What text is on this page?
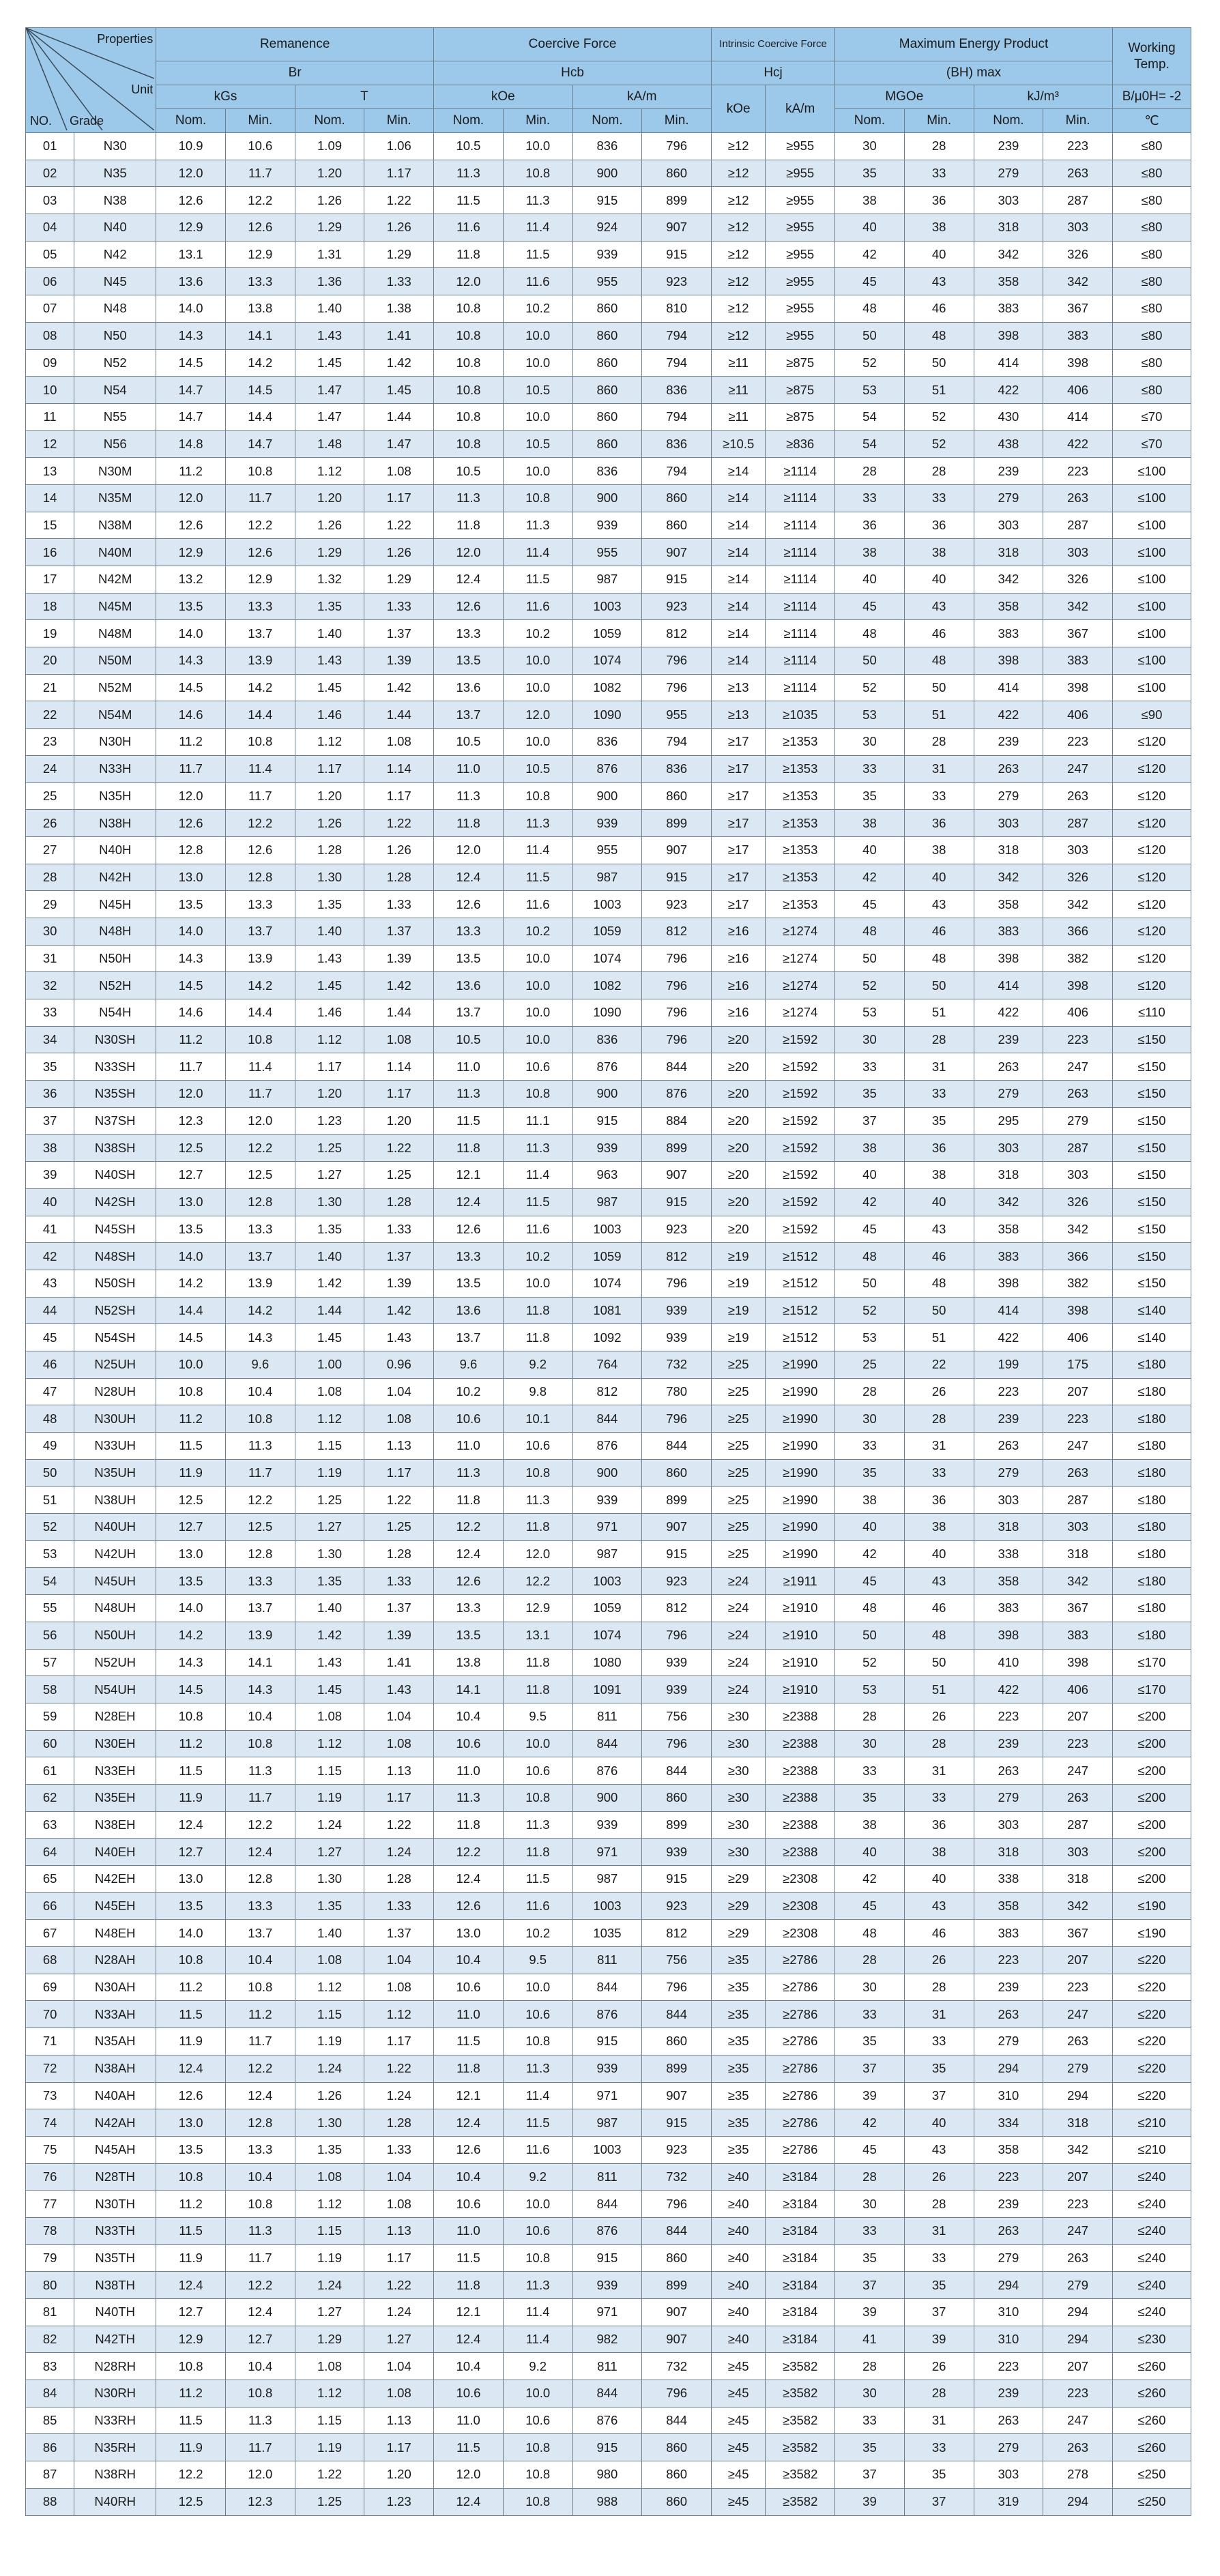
Properties
Unit
Grade
NO.		Remanence				Coercive Force				Intrinsic Coercive Force		Maximum Energy Product				Working Temp.
		Br				Hcb				Hcj		(BH) max				
		kGs		T		kOe		kA/m		kOe	kA/m	MGOe		kJ/m³		B/μ0H= -2
		Nom.	Min.	Nom.	Min.	Nom.	Min.	Nom.	Min.			Nom.	Min.	Nom.	Min.	℃
01	N30	10.9	10.6	1.09	1.06	10.5	10.0	836	796	≥12	≥955	30	28	239	223	≤80
02	N35	12.0	11.7	1.20	1.17	11.3	10.8	900	860	≥12	≥955	35	33	279	263	≤80
03	N38	12.6	12.2	1.26	1.22	11.5	11.3	915	899	≥12	≥955	38	36	303	287	≤80
04	N40	12.9	12.6	1.29	1.26	11.6	11.4	924	907	≥12	≥955	40	38	318	303	≤80
05	N42	13.1	12.9	1.31	1.29	11.8	11.5	939	915	≥12	≥955	42	40	342	326	≤80
06	N45	13.6	13.3	1.36	1.33	12.0	11.6	955	923	≥12	≥955	45	43	358	342	≤80
07	N48	14.0	13.8	1.40	1.38	10.8	10.2	860	810	≥12	≥955	48	46	383	367	≤80
08	N50	14.3	14.1	1.43	1.41	10.8	10.0	860	794	≥12	≥955	50	48	398	383	≤80
09	N52	14.5	14.2	1.45	1.42	10.8	10.0	860	794	≥11	≥875	52	50	414	398	≤80
10	N54	14.7	14.5	1.47	1.45	10.8	10.5	860	836	≥11	≥875	53	51	422	406	≤80
11	N55	14.7	14.4	1.47	1.44	10.8	10.0	860	794	≥11	≥875	54	52	430	414	≤70
12	N56	14.8	14.7	1.48	1.47	10.8	10.5	860	836	≥10.5	≥836	54	52	438	422	≤70
13	N30M	11.2	10.8	1.12	1.08	10.5	10.0	836	794	≥14	≥1114	28	28	239	223	≤100
14	N35M	12.0	11.7	1.20	1.17	11.3	10.8	900	860	≥14	≥1114	33	33	279	263	≤100
15	N38M	12.6	12.2	1.26	1.22	11.8	11.3	939	860	≥14	≥1114	36	36	303	287	≤100
16	N40M	12.9	12.6	1.29	1.26	12.0	11.4	955	907	≥14	≥1114	38	38	318	303	≤100
17	N42M	13.2	12.9	1.32	1.29	12.4	11.5	987	915	≥14	≥1114	40	40	342	326	≤100
18	N45M	13.5	13.3	1.35	1.33	12.6	11.6	1003	923	≥14	≥1114	45	43	358	342	≤100
19	N48M	14.0	13.7	1.40	1.37	13.3	10.2	1059	812	≥14	≥1114	48	46	383	367	≤100
20	N50M	14.3	13.9	1.43	1.39	13.5	10.0	1074	796	≥14	≥1114	50	48	398	383	≤100
21	N52M	14.5	14.2	1.45	1.42	13.6	10.0	1082	796	≥13	≥1114	52	50	414	398	≤100
22	N54M	14.6	14.4	1.46	1.44	13.7	12.0	1090	955	≥13	≥1035	53	51	422	406	≤90
23	N30H	11.2	10.8	1.12	1.08	10.5	10.0	836	794	≥17	≥1353	30	28	239	223	≤120
24	N33H	11.7	11.4	1.17	1.14	11.0	10.5	876	836	≥17	≥1353	33	31	263	247	≤120
25	N35H	12.0	11.7	1.20	1.17	11.3	10.8	900	860	≥17	≥1353	35	33	279	263	≤120
26	N38H	12.6	12.2	1.26	1.22	11.8	11.3	939	899	≥17	≥1353	38	36	303	287	≤120
27	N40H	12.8	12.6	1.28	1.26	12.0	11.4	955	907	≥17	≥1353	40	38	318	303	≤120
28	N42H	13.0	12.8	1.30	1.28	12.4	11.5	987	915	≥17	≥1353	42	40	342	326	≤120
29	N45H	13.5	13.3	1.35	1.33	12.6	11.6	1003	923	≥17	≥1353	45	43	358	342	≤120
30	N48H	14.0	13.7	1.40	1.37	13.3	10.2	1059	812	≥16	≥1274	48	46	383	366	≤120
31	N50H	14.3	13.9	1.43	1.39	13.5	10.0	1074	796	≥16	≥1274	50	48	398	382	≤120
32	N52H	14.5	14.2	1.45	1.42	13.6	10.0	1082	796	≥16	≥1274	52	50	414	398	≤120
33	N54H	14.6	14.4	1.46	1.44	13.7	10.0	1090	796	≥16	≥1274	53	51	422	406	≤110
34	N30SH	11.2	10.8	1.12	1.08	10.5	10.0	836	796	≥20	≥1592	30	28	239	223	≤150
35	N33SH	11.7	11.4	1.17	1.14	11.0	10.6	876	844	≥20	≥1592	33	31	263	247	≤150
36	N35SH	12.0	11.7	1.20	1.17	11.3	10.8	900	876	≥20	≥1592	35	33	279	263	≤150
37	N37SH	12.3	12.0	1.23	1.20	11.5	11.1	915	884	≥20	≥1592	37	35	295	279	≤150
38	N38SH	12.5	12.2	1.25	1.22	11.8	11.3	939	899	≥20	≥1592	38	36	303	287	≤150
39	N40SH	12.7	12.5	1.27	1.25	12.1	11.4	963	907	≥20	≥1592	40	38	318	303	≤150
40	N42SH	13.0	12.8	1.30	1.28	12.4	11.5	987	915	≥20	≥1592	42	40	342	326	≤150
41	N45SH	13.5	13.3	1.35	1.33	12.6	11.6	1003	923	≥20	≥1592	45	43	358	342	≤150
42	N48SH	14.0	13.7	1.40	1.37	13.3	10.2	1059	812	≥19	≥1512	48	46	383	366	≤150
43	N50SH	14.2	13.9	1.42	1.39	13.5	10.0	1074	796	≥19	≥1512	50	48	398	382	≤150
44	N52SH	14.4	14.2	1.44	1.42	13.6	11.8	1081	939	≥19	≥1512	52	50	414	398	≤140
45	N54SH	14.5	14.3	1.45	1.43	13.7	11.8	1092	939	≥19	≥1512	53	51	422	406	≤140
46	N25UH	10.0	9.6	1.00	0.96	9.6	9.2	764	732	≥25	≥1990	25	22	199	175	≤180
47	N28UH	10.8	10.4	1.08	1.04	10.2	9.8	812	780	≥25	≥1990	28	26	223	207	≤180
48	N30UH	11.2	10.8	1.12	1.08	10.6	10.1	844	796	≥25	≥1990	30	28	239	223	≤180
49	N33UH	11.5	11.3	1.15	1.13	11.0	10.6	876	844	≥25	≥1990	33	31	263	247	≤180
50	N35UH	11.9	11.7	1.19	1.17	11.3	10.8	900	860	≥25	≥1990	35	33	279	263	≤180
51	N38UH	12.5	12.2	1.25	1.22	11.8	11.3	939	899	≥25	≥1990	38	36	303	287	≤180
52	N40UH	12.7	12.5	1.27	1.25	12.2	11.8	971	907	≥25	≥1990	40	38	318	303	≤180
53	N42UH	13.0	12.8	1.30	1.28	12.4	12.0	987	915	≥25	≥1990	42	40	338	318	≤180
54	N45UH	13.5	13.3	1.35	1.33	12.6	12.2	1003	923	≥24	≥1911	45	43	358	342	≤180
55	N48UH	14.0	13.7	1.40	1.37	13.3	12.9	1059	812	≥24	≥1910	48	46	383	367	≤180
56	N50UH	14.2	13.9	1.42	1.39	13.5	13.1	1074	796	≥24	≥1910	50	48	398	383	≤180
57	N52UH	14.3	14.1	1.43	1.41	13.8	11.8	1080	939	≥24	≥1910	52	50	410	398	≤170
58	N54UH	14.5	14.3	1.45	1.43	14.1	11.8	1091	939	≥24	≥1910	53	51	422	406	≤170
59	N28EH	10.8	10.4	1.08	1.04	10.4	9.5	811	756	≥30	≥2388	28	26	223	207	≤200
60	N30EH	11.2	10.8	1.12	1.08	10.6	10.0	844	796	≥30	≥2388	30	28	239	223	≤200
61	N33EH	11.5	11.3	1.15	1.13	11.0	10.6	876	844	≥30	≥2388	33	31	263	247	≤200
62	N35EH	11.9	11.7	1.19	1.17	11.3	10.8	900	860	≥30	≥2388	35	33	279	263	≤200
63	N38EH	12.4	12.2	1.24	1.22	11.8	11.3	939	899	≥30	≥2388	38	36	303	287	≤200
64	N40EH	12.7	12.4	1.27	1.24	12.2	11.8	971	939	≥30	≥2388	40	38	318	303	≤200
65	N42EH	13.0	12.8	1.30	1.28	12.4	11.5	987	915	≥29	≥2308	42	40	338	318	≤200
66	N45EH	13.5	13.3	1.35	1.33	12.6	11.6	1003	923	≥29	≥2308	45	43	358	342	≤190
67	N48EH	14.0	13.7	1.40	1.37	13.0	10.2	1035	812	≥29	≥2308	48	46	383	367	≤190
68	N28AH	10.8	10.4	1.08	1.04	10.4	9.5	811	756	≥35	≥2786	28	26	223	207	≤220
69	N30AH	11.2	10.8	1.12	1.08	10.6	10.0	844	796	≥35	≥2786	30	28	239	223	≤220
70	N33AH	11.5	11.2	1.15	1.12	11.0	10.6	876	844	≥35	≥2786	33	31	263	247	≤220
71	N35AH	11.9	11.7	1.19	1.17	11.5	10.8	915	860	≥35	≥2786	35	33	279	263	≤220
72	N38AH	12.4	12.2	1.24	1.22	11.8	11.3	939	899	≥35	≥2786	37	35	294	279	≤220
73	N40AH	12.6	12.4	1.26	1.24	12.1	11.4	971	907	≥35	≥2786	39	37	310	294	≤220
74	N42AH	13.0	12.8	1.30	1.28	12.4	11.5	987	915	≥35	≥2786	42	40	334	318	≤210
75	N45AH	13.5	13.3	1.35	1.33	12.6	11.6	1003	923	≥35	≥2786	45	43	358	342	≤210
76	N28TH	10.8	10.4	1.08	1.04	10.4	9.2	811	732	≥40	≥3184	28	26	223	207	≤240
77	N30TH	11.2	10.8	1.12	1.08	10.6	10.0	844	796	≥40	≥3184	30	28	239	223	≤240
78	N33TH	11.5	11.3	1.15	1.13	11.0	10.6	876	844	≥40	≥3184	33	31	263	247	≤240
79	N35TH	11.9	11.7	1.19	1.17	11.5	10.8	915	860	≥40	≥3184	35	33	279	263	≤240
80	N38TH	12.4	12.2	1.24	1.22	11.8	11.3	939	899	≥40	≥3184	37	35	294	279	≤240
81	N40TH	12.7	12.4	1.27	1.24	12.1	11.4	971	907	≥40	≥3184	39	37	310	294	≤240
82	N42TH	12.9	12.7	1.29	1.27	12.4	11.4	982	907	≥40	≥3184	41	39	310	294	≤230
83	N28RH	10.8	10.4	1.08	1.04	10.4	9.2	811	732	≥45	≥3582	28	26	223	207	≤260
84	N30RH	11.2	10.8	1.12	1.08	10.6	10.0	844	796	≥45	≥3582	30	28	239	223	≤260
85	N33RH	11.5	11.3	1.15	1.13	11.0	10.6	876	844	≥45	≥3582	33	31	263	247	≤260
86	N35RH	11.9	11.7	1.19	1.17	11.5	10.8	915	860	≥45	≥3582	35	33	279	263	≤260
87	N38RH	12.2	12.0	1.22	1.20	12.0	10.8	980	860	≥45	≥3582	37	35	303	278	≤250
88	N40RH	12.5	12.3	1.25	1.23	12.4	10.8	988	860	≥45	≥3582	39	37	319	294	≤250
